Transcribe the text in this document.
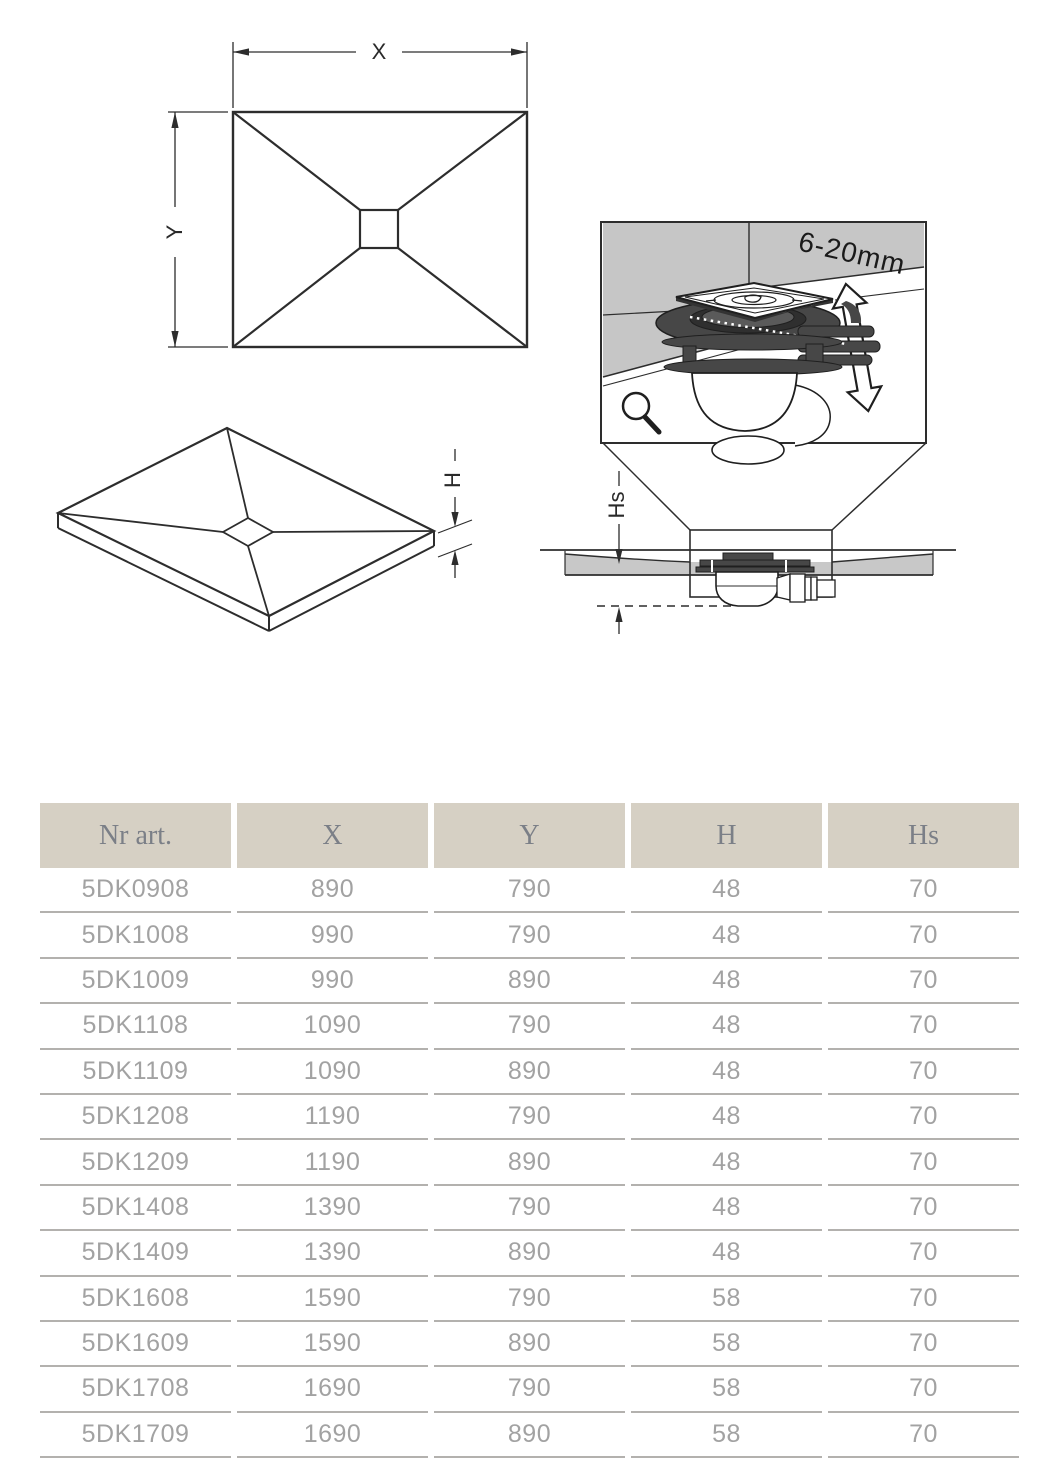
X
Y
H
6-20mm
Hs
Nr art.	X	Y	H	Hs
5DK0908	890	790	48	70
5DK1008	990	790	48	70
5DK1009	990	890	48	70
5DK1108	1090	790	48	70
5DK1109	1090	890	48	70
5DK1208	1190	790	48	70
5DK1209	1190	890	48	70
5DK1408	1390	790	48	70
5DK1409	1390	890	48	70
5DK1608	1590	790	58	70
5DK1609	1590	890	58	70
5DK1708	1690	790	58	70
5DK1709	1690	890	58	70
